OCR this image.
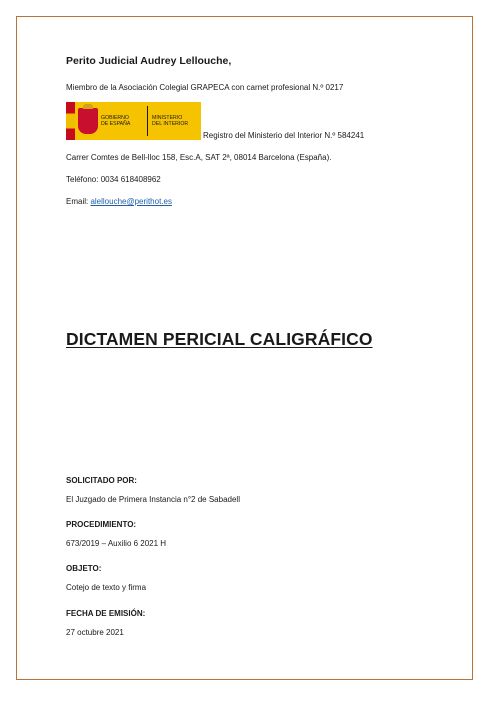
Perito Judicial Audrey Lellouche,
Miembro de la Asociación Colegial GRAPECA con carnet profesional N.º 0217
GOBIERNO
DE ESPAÑA
MINISTERIO
DEL INTERIOR
Registro del Ministerio del Interior N.º 584241
Carrer Comtes de Bell-lloc 158, Esc.A, SAT 2ª, 08014 Barcelona (España).
Teléfono: 0034 618408962
Email: alellouche@perithot.es
DICTAMEN PERICIAL CALIGRÁFICO
SOLICITADO POR:
El Juzgado de Primera Instancia n°2 de Sabadell
PROCEDIMIENTO:
673/2019 – Auxilio 6 2021 H
OBJETO:
Cotejo de texto y firma
FECHA DE EMISIÓN:
27 octubre 2021
